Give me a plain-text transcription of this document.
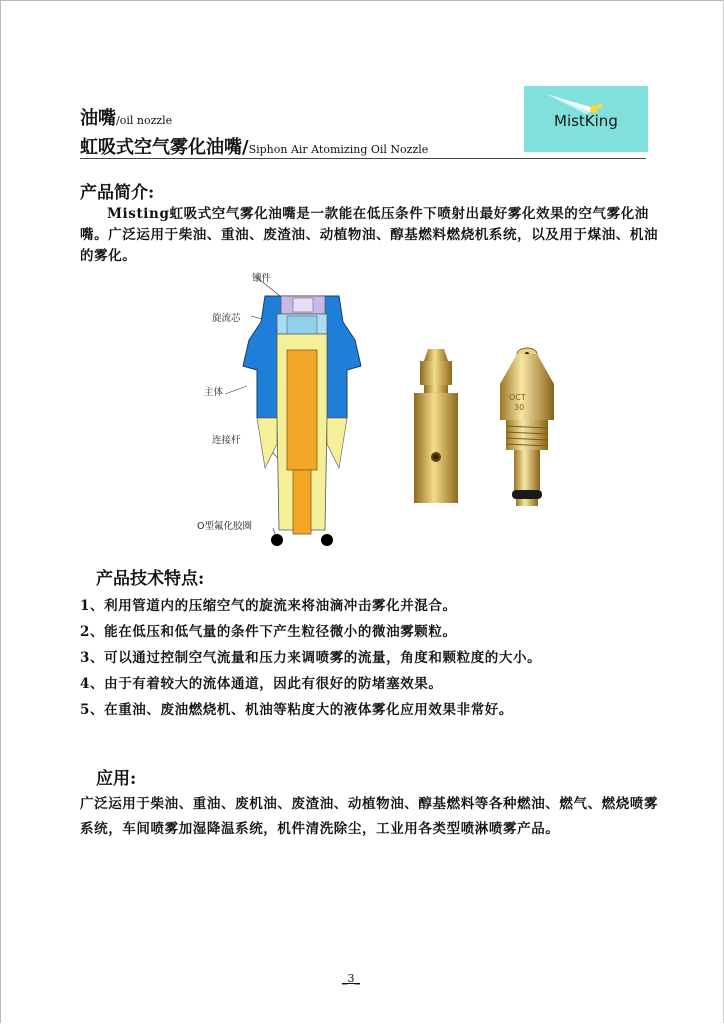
油嘴/oil nozzle
虹吸式空气雾化油嘴/Siphon Air Atomizing Oil Nozzle
MistKing
产品简介:

Misting虹吸式空气雾化油嘴是一款能在低压条件下喷射出最好雾化效果的空气雾化油嘴。广泛运用于柴油、重油、废渣油、动植物油、醇基燃料燃烧机系统，以及用于煤油、机油的雾化。

镶件
旋流芯
主体
连接杆
O型氟化胶圈
OCT
30
产品技术特点:
1、利用管道内的压缩空气的旋流来将油滴冲击雾化并混合。
2、能在低压和低气量的条件下产生粒径微小的微油雾颗粒。
3、可以通过控制空气流量和压力来调喷雾的流量，角度和颗粒度的大小。
4、由于有着较大的流体通道，因此有很好的防堵塞效果。
5、在重油、废油燃烧机、机油等粘度大的液体雾化应用效果非常好。
应用:

广泛运用于柴油、重油、废机油、废渣油、动植物油、醇基燃料等各种燃油、燃气、燃烧喷雾系统，车间喷雾加湿降温系统，机件清洗除尘，工业用各类型喷淋喷雾产品。

_3_
